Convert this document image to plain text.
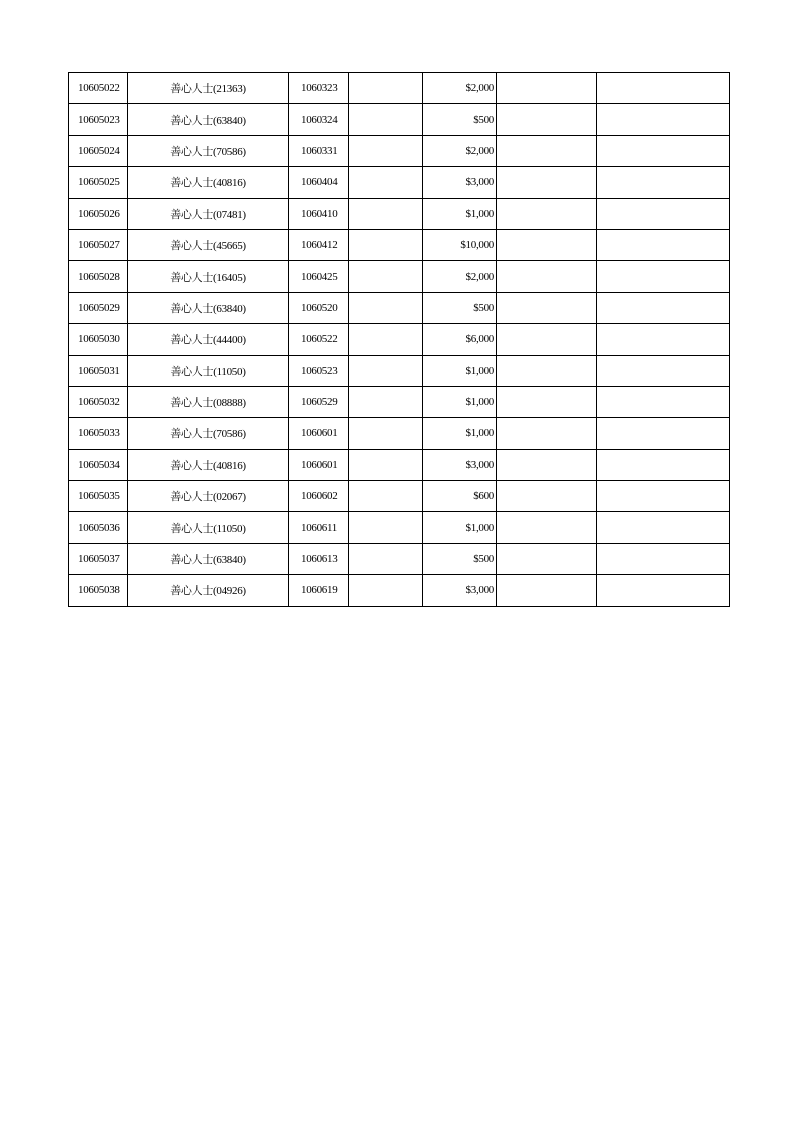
10605022	善心人士(21363)	1060323		$2,000		
10605023	善心人士(63840)	1060324		$500		
10605024	善心人士(70586)	1060331		$2,000		
10605025	善心人士(40816)	1060404		$3,000		
10605026	善心人士(07481)	1060410		$1,000		
10605027	善心人士(45665)	1060412		$10,000		
10605028	善心人士(16405)	1060425		$2,000		
10605029	善心人士(63840)	1060520		$500		
10605030	善心人士(44400)	1060522		$6,000		
10605031	善心人士(11050)	1060523		$1,000		
10605032	善心人士(08888)	1060529		$1,000		
10605033	善心人士(70586)	1060601		$1,000		
10605034	善心人士(40816)	1060601		$3,000		
10605035	善心人士(02067)	1060602		$600		
10605036	善心人士(11050)	1060611		$1,000		
10605037	善心人士(63840)	1060613		$500		
10605038	善心人士(04926)	1060619		$3,000		
